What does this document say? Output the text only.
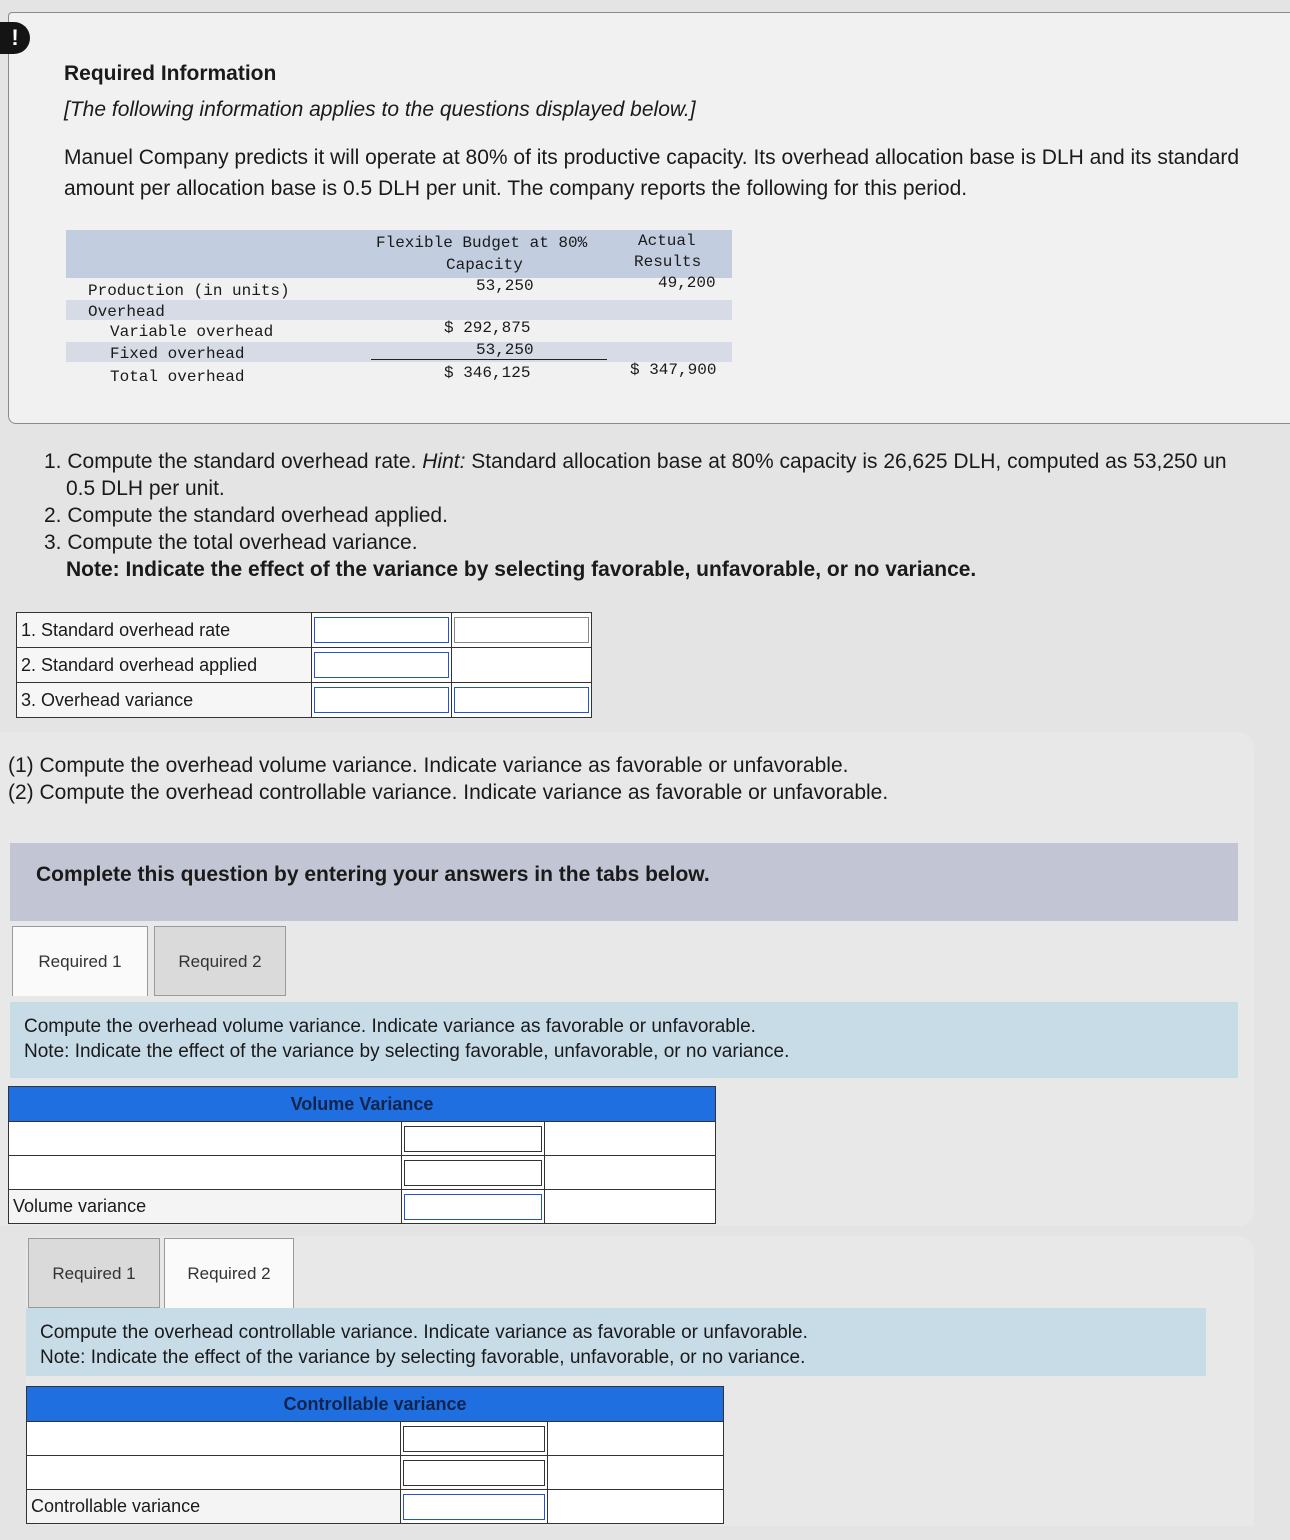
!
Required Information
[The following information applies to the questions displayed below.]
Manuel Company predicts it will operate at 80% of its productive capacity. Its overhead allocation base is DLH and its standard amount per allocation base is 0.5 DLH per unit. The company reports the following for this period.
Flexible Budget at 80%
Capacity
Actual
Results
Production (in units)	53,250	49,200
Overhead
Variable overhead	$ 292,875
Fixed overhead	53,250
Total overhead	$ 346,125	$ 347,900
1. Compute the standard overhead rate. Hint: Standard allocation base at 80% capacity is 26,625 DLH, computed as 53,250 un
0.5 DLH per unit.
2. Compute the standard overhead applied.
3. Compute the total overhead variance.
Note: Indicate the effect of the variance by selecting favorable, unfavorable, or no variance.
1. Standard overhead rate	

2. Standard overhead applied	

3. Overhead variance	

(1) Compute the overhead volume variance. Indicate variance as favorable or unfavorable.
(2) Compute the overhead controllable variance. Indicate variance as favorable or unfavorable.
Complete this question by entering your answers in the tabs below.
Required 1	Required 2
Compute the overhead volume variance. Indicate variance as favorable or unfavorable.
Note: Indicate the effect of the variance by selecting favorable, unfavorable, or no variance.
Volume Variance		

Volume variance	

Required 1	Required 2
Compute the overhead controllable variance. Indicate variance as favorable or unfavorable.
Note: Indicate the effect of the variance by selecting favorable, unfavorable, or no variance.
Controllable variance		

Controllable variance	
